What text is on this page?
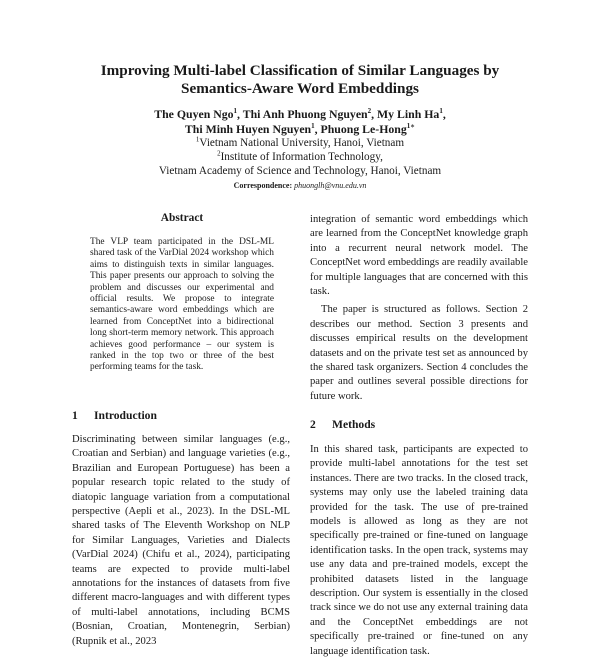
Improving Multi-label Classification of Similar Languages by
Semantics-Aware Word Embeddings
The Quyen Ngo$^1$, Thi Anh Phuong Nguyen$^2$, My Linh Ha$^1$,
Thi Minh Huyen Nguyen$^1$, Phuong Le-Hong$^{1∗}$
$^1$Vietnam National University, Hanoi, Vietnam
$^2$Institute of Information Technology,
Vietnam Academy of Science and Technology, Hanoi, Vietnam
Correspondence: phuonglh@vnu.edu.vn
Abstract
The VLP team participated in the DSL-ML shared task of the VarDial 2024 workshop which aims to distinguish texts in similar languages. This paper presents our approach to solving the problem and discusses our experimental and official results. We propose to integrate semantics-aware word embeddings which are learned from ConceptNet into a bidirectional long short-term memory network. This approach achieves good performance – our system is ranked in the top two or three of the best performing teams for the task.
1 Introduction
Discriminating between similar languages (e.g., Croatian and Serbian) and language varieties (e.g., Brazilian and European Portuguese) has been a popular research topic related to the study of diatopic language variation from a computational perspective (Aepli et al., 2023). In the DSL-ML shared tasks of The Eleventh Workshop on NLP for Similar Languages, Varieties and Dialects (VarDial 2024) (Chifu et al., 2024), participating teams are expected to provide multi-label annotations for the instances of datasets from five different macro-languages and with different types of multi-label annotations, including BCMS (Bosnian, Croatian, Montenegrin, Serbian) (Rupnik et al., 2023

integration of semantic word embeddings which are learned from the ConceptNet knowledge graph into a recurrent neural network model. The ConceptNet word embeddings are readily available for multiple languages that are concerned with this task.

The paper is structured as follows. Section 2 describes our method. Section 3 presents and discusses empirical results on the development datasets and on the private test set as announced by the shared task organizers. Section 4 concludes the paper and outlines several possible directions for future work.

2 Methods
In this shared task, participants are expected to provide multi-label annotations for the test set instances. There are two tracks. In the closed track, systems may only use the labeled training data provided for the task. The use of pre-trained models is allowed as long as they are not specifically pre-trained or fine-tuned on language identification tasks. In the open track, systems may use any data and pre-trained models, except the prohibited datasets listed in the language description. Our system is essentially in the closed track since we do not use any external training data and the ConceptNet embeddings are not specifically pre-trained or fine-tuned on any language identification task.
